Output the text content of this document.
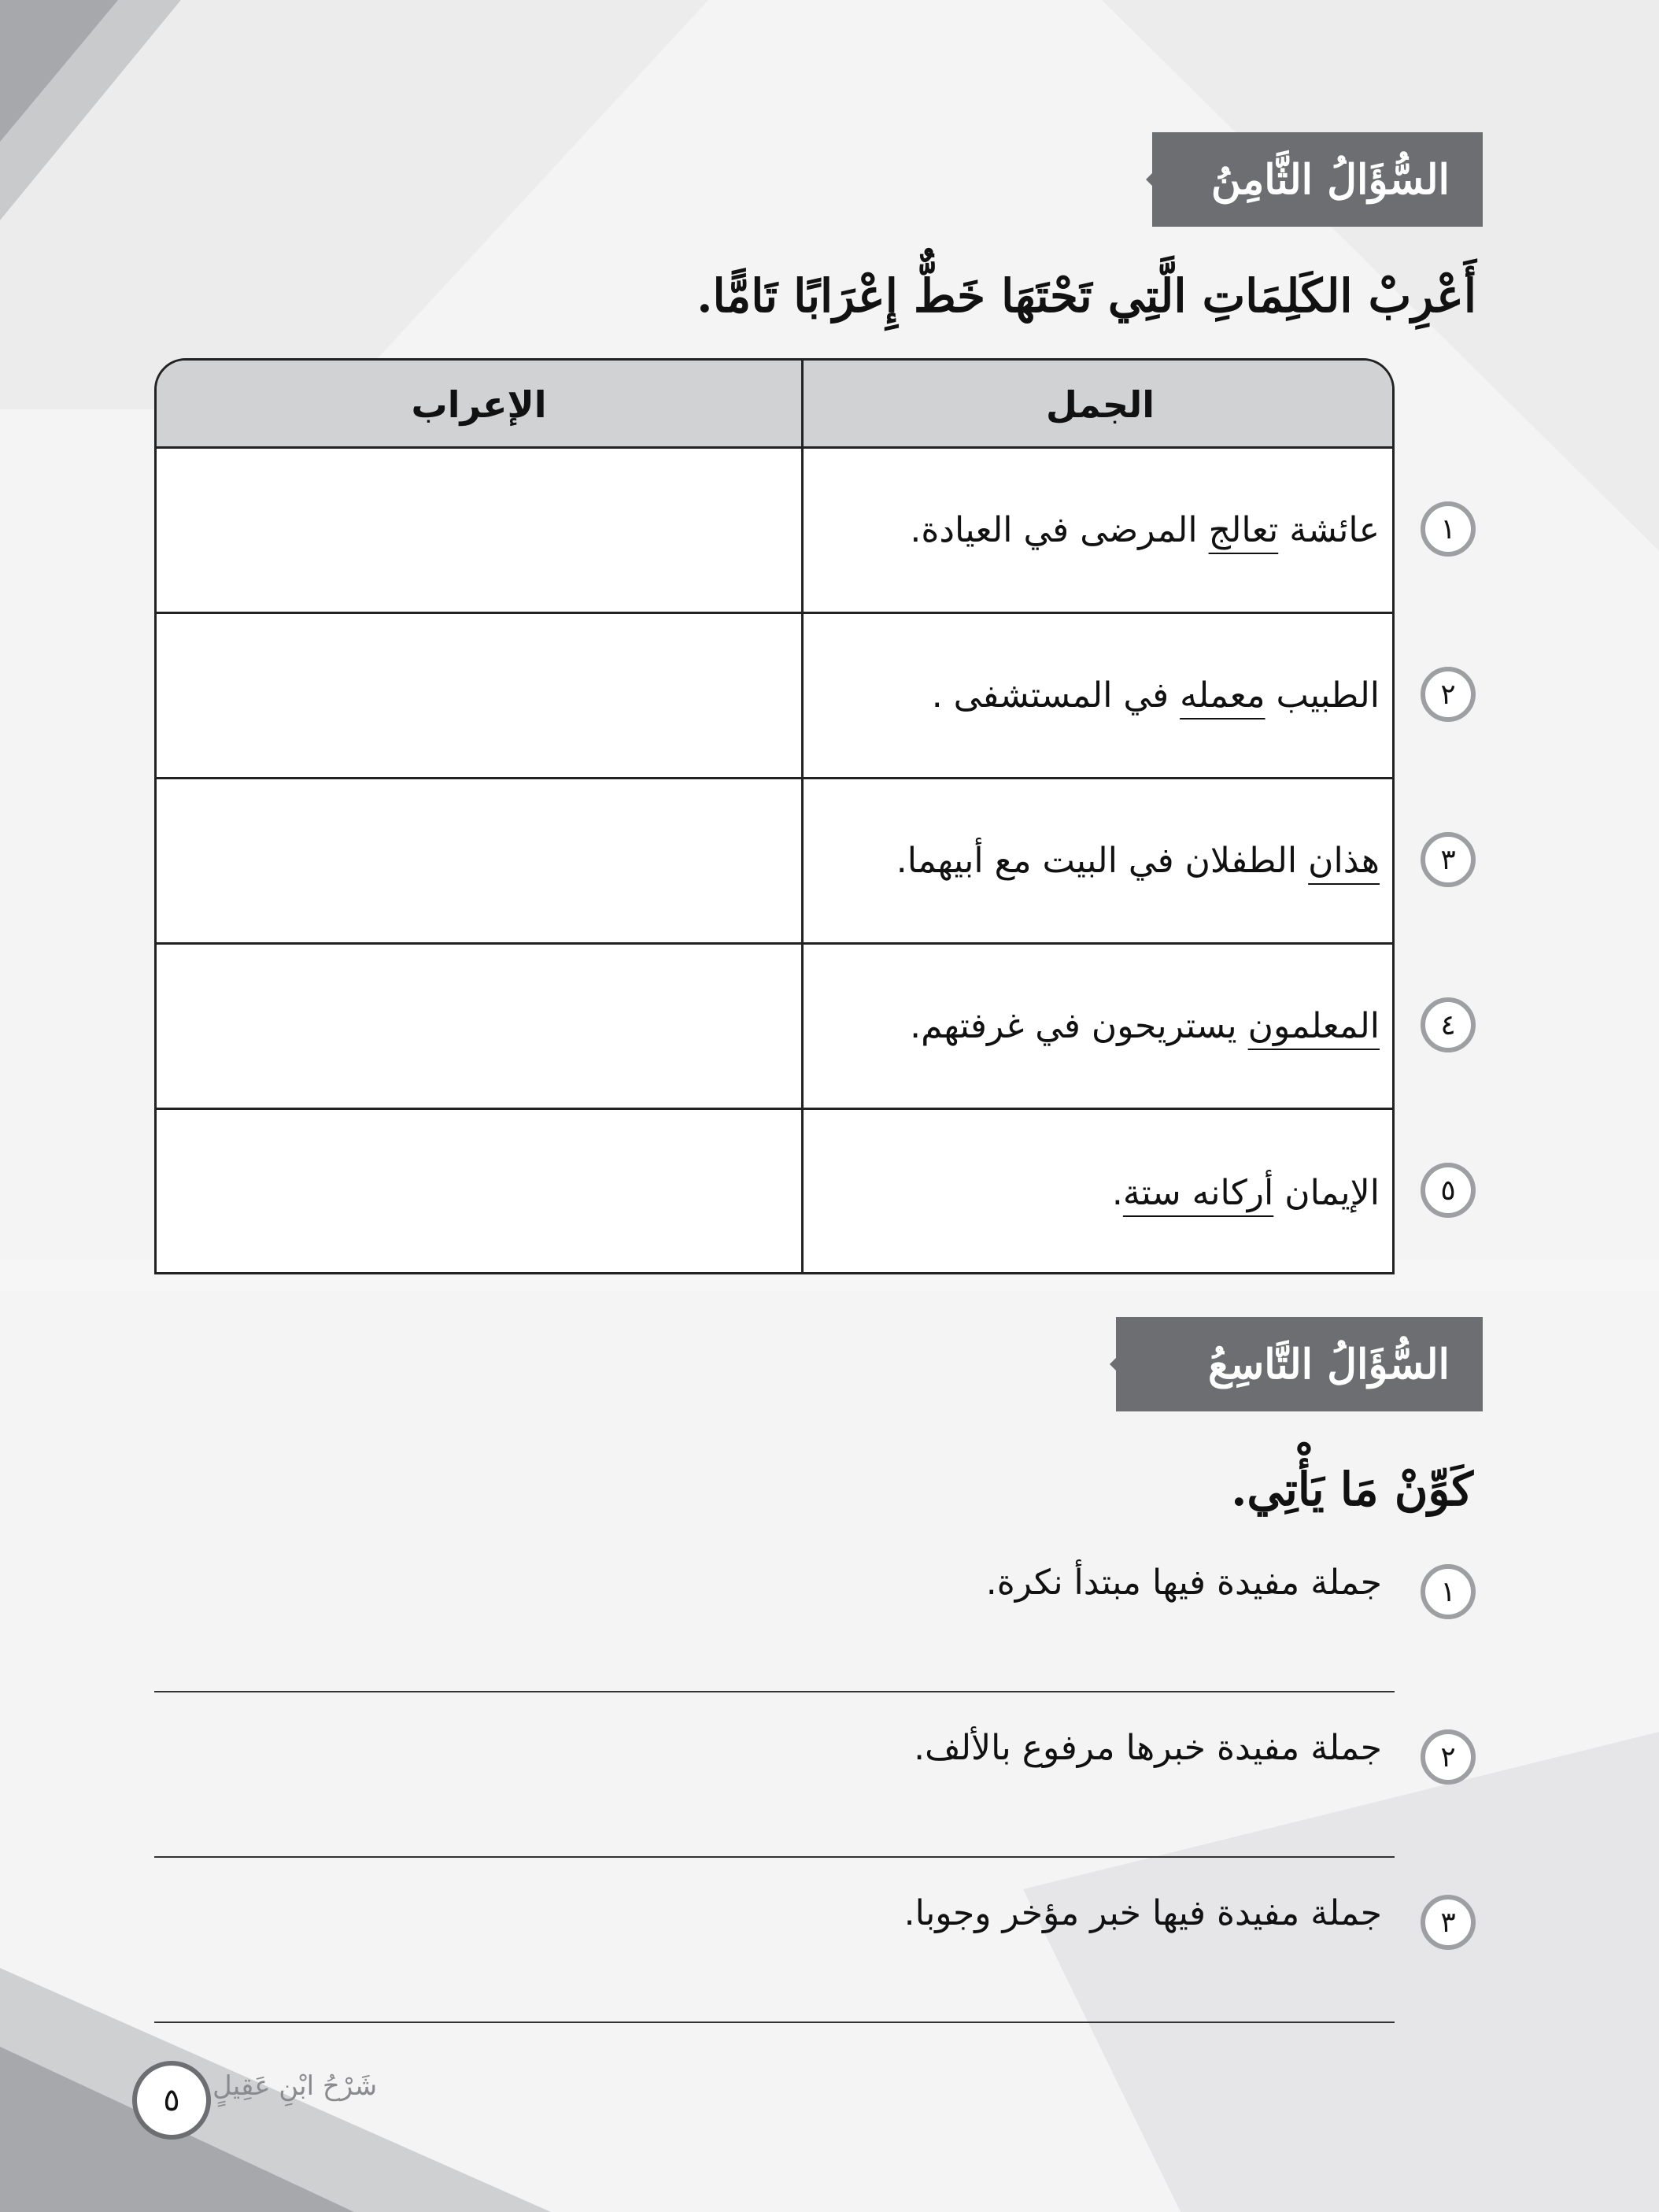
السُّؤَالُ الثَّامِنُ
أَعْرِبْ الكَلِمَاتِ الَّتِي تَحْتَهَا خَطٌّ إِعْرَابًا تَامًّا.
الإعراب	الجمل
عائشة تعالج المرضى في العيادة.
الطبيب معمله في المستشفى .
هذان الطفلان في البيت مع أبيهما.
المعلمون يستريحون في غرفتهم.
الإيمان أركانه ستة.
١
٢
٣
٤
٥
السُّؤَالُ التَّاسِعُ
كَوِّنْ مَا يَأْتِي.
١
جملة مفيدة فيها مبتدأ نكرة.
٢
جملة مفيدة خبرها مرفوع بالألف.
٣
جملة مفيدة فيها خبر مؤخر وجوبا.
شَرْحُ ابْنِ عَقِيلٍ
٥
